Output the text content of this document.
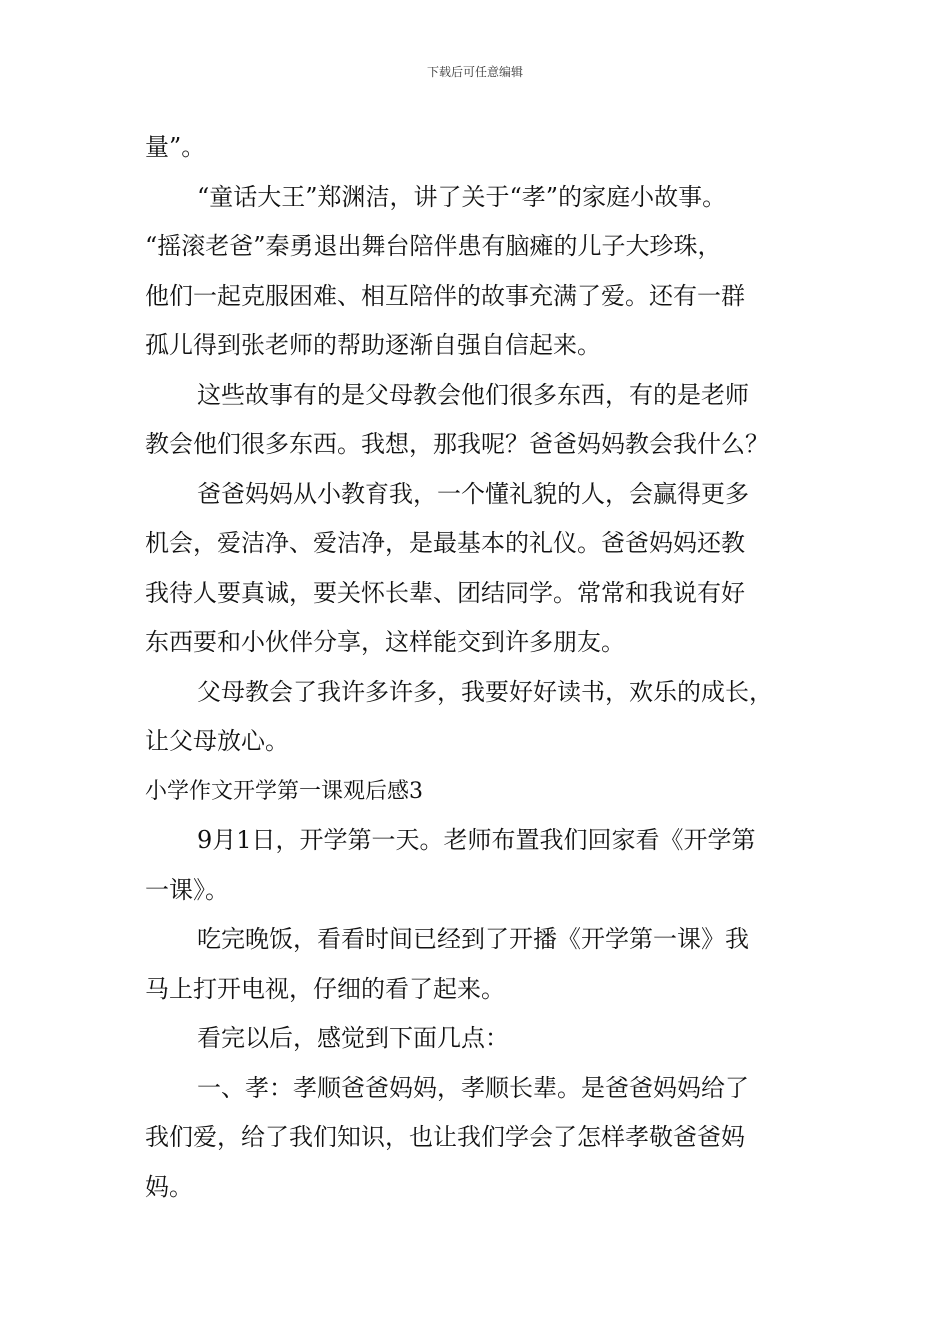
下载后可任意编辑
量”。
“童话大王”郑渊洁，讲了关于“孝”的家庭小故事。
“摇滚老爸”秦勇退出舞台陪伴患有脑瘫的儿子大珍珠，
他们一起克服困难、相互陪伴的故事充满了爱。还有一群
孤儿得到张老师的帮助逐渐自强自信起来。
这些故事有的是父母教会他们很多东西，有的是老师
教会他们很多东西。我想，那我呢？爸爸妈妈教会我什么？
爸爸妈妈从小教育我，一个懂礼貌的人，会赢得更多
机会，爱洁净、爱洁净，是最基本的礼仪。爸爸妈妈还教
我待人要真诚，要关怀长辈、团结同学。常常和我说有好
东西要和小伙伴分享，这样能交到许多朋友。
父母教会了我许多许多，我要好好读书，欢乐的成长，
让父母放心。
小学作文开学第一课观后感3
9月1日，开学第一天。老师布置我们回家看《开学第
一课》。
吃完晚饭，看看时间已经到了开播《开学第一课》我
马上打开电视，仔细的看了起来。
看完以后，感觉到下面几点：
一、孝：孝顺爸爸妈妈，孝顺长辈。是爸爸妈妈给了
我们爱，给了我们知识，也让我们学会了怎样孝敬爸爸妈
妈。
